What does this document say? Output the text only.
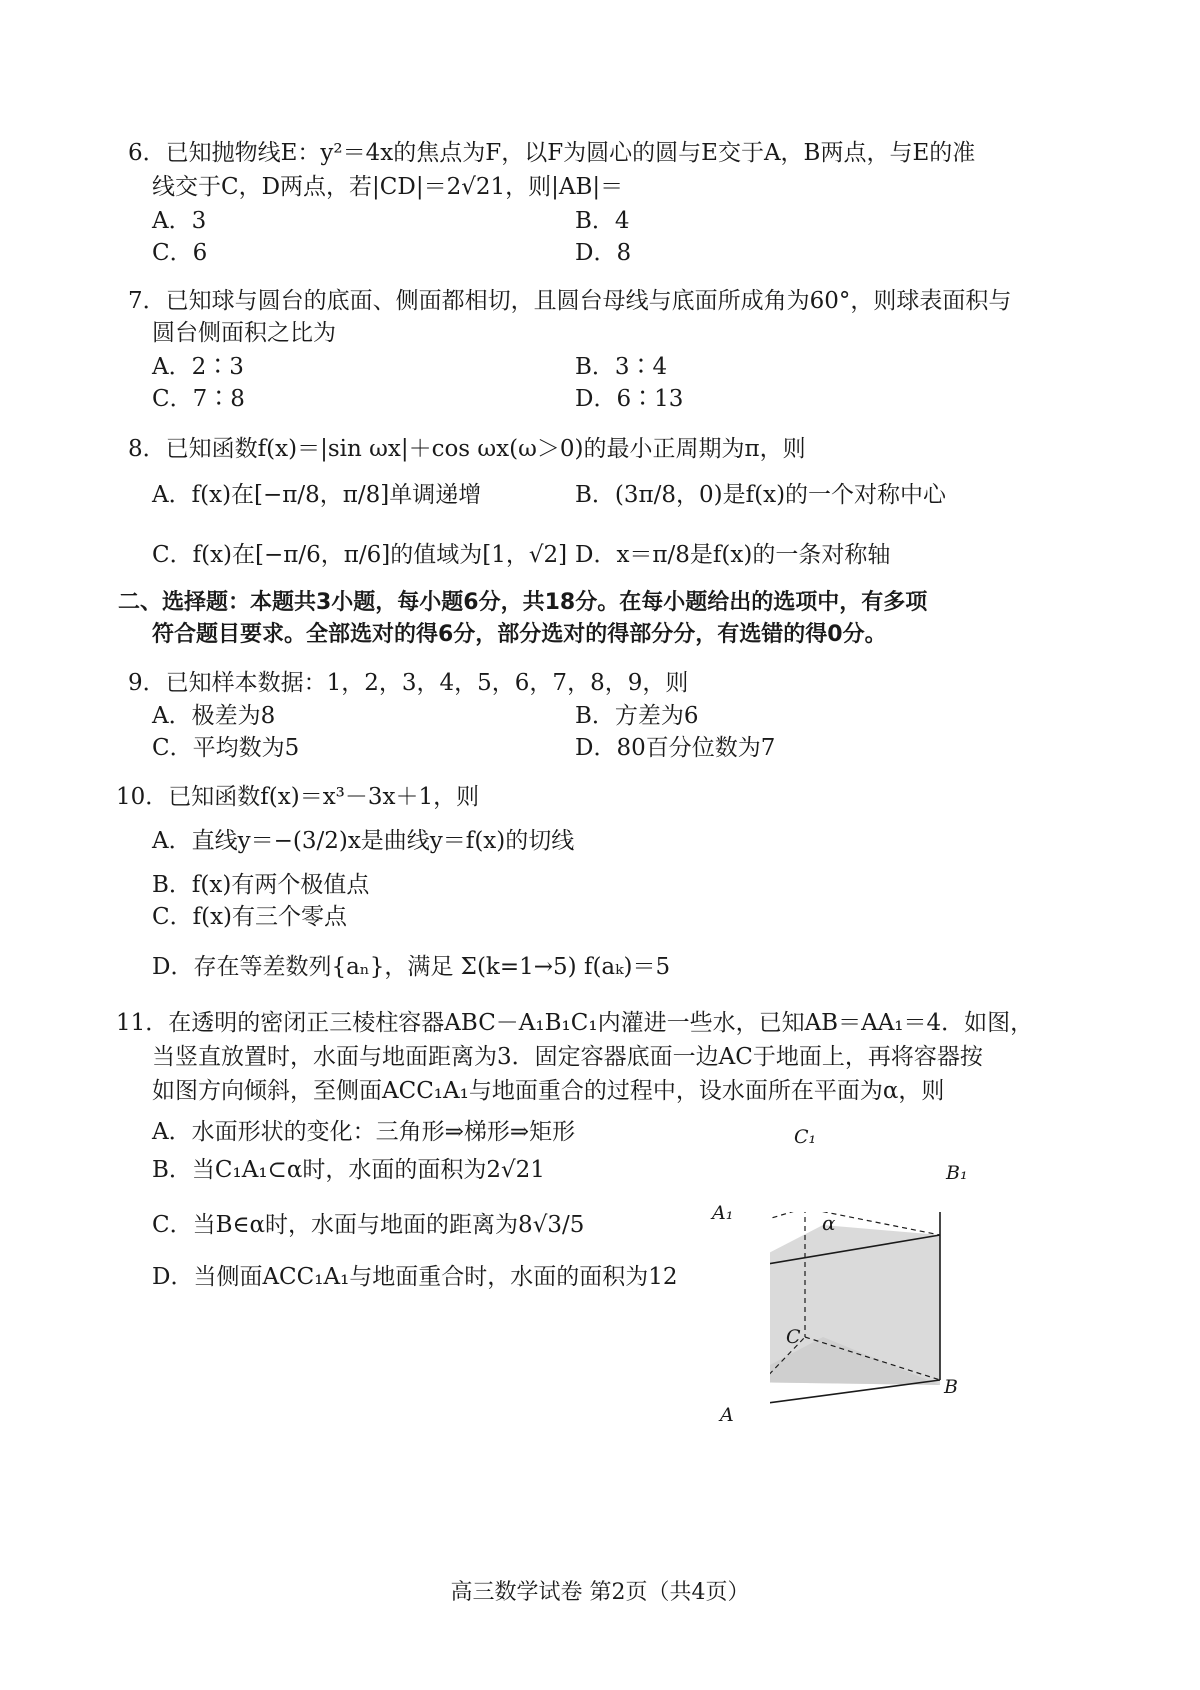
6．已知抛物线E：y²＝4x的焦点为F，以F为圆心的圆与E交于A，B两点，与E的准
线交于C，D两点，若|CD|＝2√21，则|AB|＝
A．3	B．4
C．6	D．8
7．已知球与圆台的底面、侧面都相切，且圆台母线与底面所成角为60°，则球表面积与
圆台侧面积之比为
A．2∶3	B．3∶4
C．7∶8	D．6∶13
8．已知函数f(x)＝|sin ωx|＋cos ωx(ω＞0)的最小正周期为π，则
A．f(x)在[−π/8，π/8]单调递增	B．(3π/8，0)是f(x)的一个对称中心
C．f(x)在[−π/6，π/6]的值域为[1，√2] D．x＝π/8是f(x)的一条对称轴
二、选择题：本题共3小题，每小题6分，共18分。在每小题给出的选项中，有多项
符合题目要求。全部选对的得6分，部分选对的得部分分，有选错的得0分。
9．已知样本数据：1，2，3，4，5，6，7，8，9，则
A．极差为8	B．方差为6
C．平均数为5	D．80百分位数为7
10．已知函数f(x)＝x³－3x＋1，则
A．直线y＝−(3/2)x是曲线y＝f(x)的切线
B．f(x)有两个极值点
C．f(x)有三个零点
D．存在等差数列{aₙ}，满足 Σ(k=1→5) f(aₖ)＝5
11．在透明的密闭正三棱柱容器ABC－A₁B₁C₁内灌进一些水，已知AB＝AA₁＝4．如图，
当竖直放置时，水面与地面距离为3．固定容器底面一边AC于地面上，再将容器按
如图方向倾斜，至侧面ACC₁A₁与地面重合的过程中，设水面所在平面为α，则
A．水面形状的变化：三角形⇒梯形⇒矩形
B．当C₁A₁⊂α时，水面的面积为2√21
C．当B∈α时，水面与地面的距离为8√3/5
D．当侧面ACC₁A₁与地面重合时，水面的面积为12
C₁
B₁
A₁	α
C
B
A
高三数学试卷 第2页（共4页）
